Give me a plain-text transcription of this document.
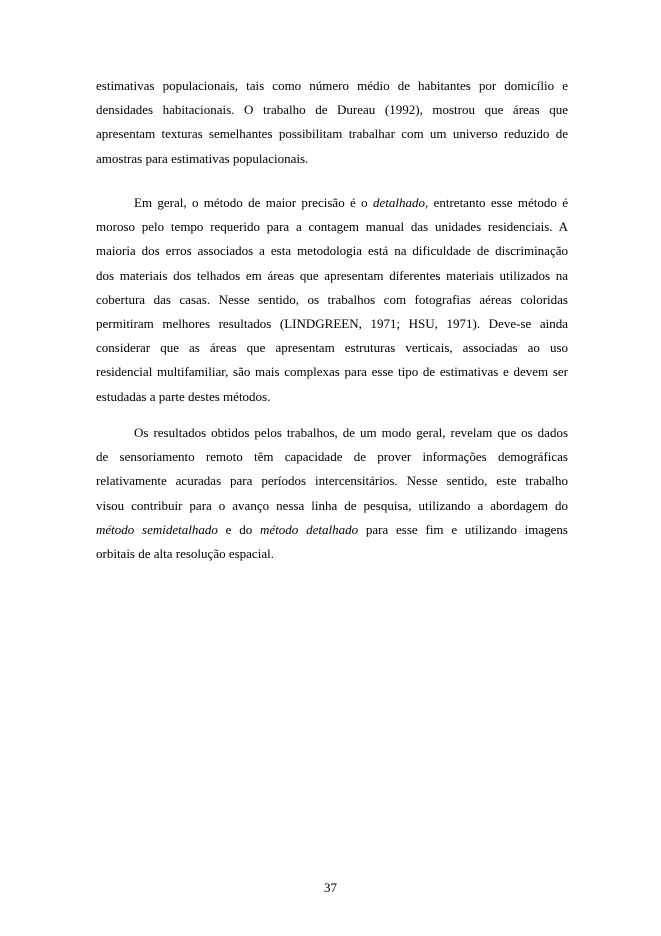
estimativas populacionais, tais como número médio de habitantes por domicílio e
densidades habitacionais. O trabalho de Dureau (1992), mostrou que áreas que
apresentam texturas semelhantes possibilitam trabalhar com um universo reduzido de
amostras para estimativas populacionais.
Em geral, o método de maior precisão é o detalhado, entretanto esse método é
moroso pelo tempo requerido para a contagem manual das unidades residenciais. A
maioria dos erros associados a esta metodologia está na dificuldade de discriminação
dos materiais dos telhados em áreas que apresentam diferentes materiais utilizados na
cobertura das casas. Nesse sentido, os trabalhos com fotografias aéreas coloridas
permitiram melhores resultados (LINDGREEN, 1971; HSU, 1971). Deve-se ainda
considerar que as áreas que apresentam estruturas verticais, associadas ao uso
residencial multifamiliar, são mais complexas para esse tipo de estimativas e devem ser
estudadas a parte destes métodos.
Os resultados obtidos pelos trabalhos, de um modo geral, revelam que os dados
de sensoriamento remoto têm capacidade de prover informações demográficas
relativamente acuradas para períodos intercensitários. Nesse sentido, este trabalho
visou contribuir para o avanço nessa linha de pesquisa, utilizando a abordagem do
método semidetalhado e do método detalhado para esse fim e utilizando imagens
orbitais de alta resolução espacial.
37
